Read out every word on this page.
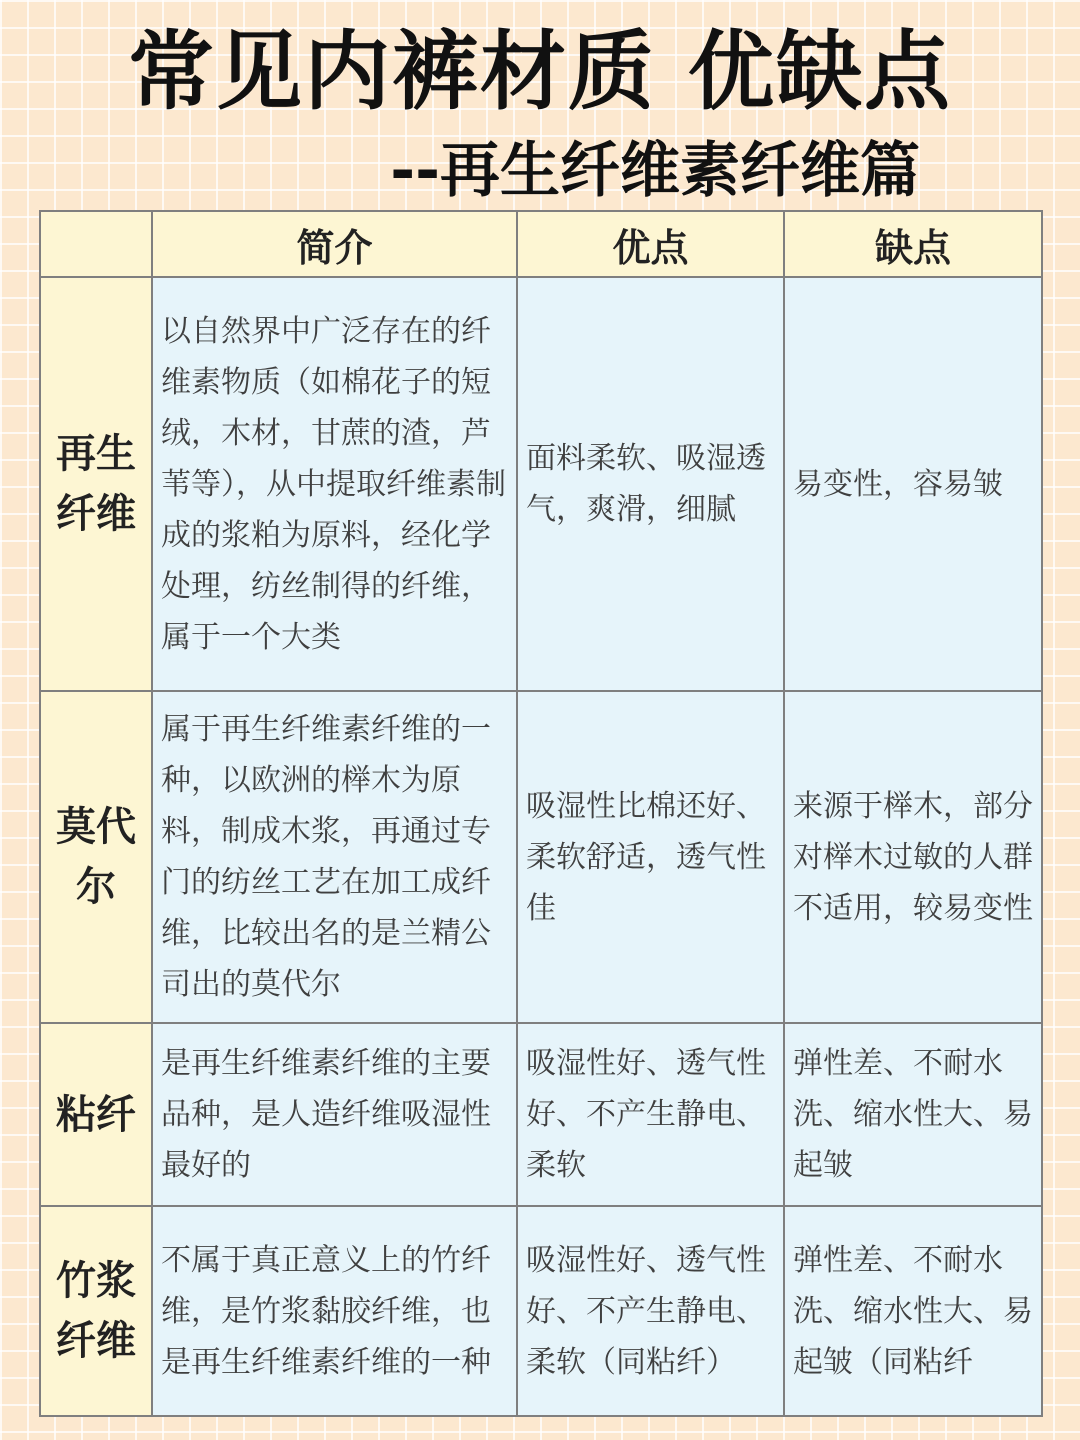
常见内裤材质 优缺点
--再生纤维素纤维篇
	简介	优点	缺点

再生纤维	以自然界中广泛存在的纤维素物质（如棉花子的短绒，木材，甘蔗的渣，芦苇等），从中提取纤维素制成的浆粕为原料，经化学处理，纺丝制得的纤维，属于一个大类	面料柔软、吸湿透气，爽滑，细腻	易变性，容易皱

莫代尔	属于再生纤维素纤维的一种，以欧洲的榉木为原料，制成木浆，再通过专门的纺丝工艺在加工成纤维，比较出名的是兰精公司出的莫代尔	吸湿性比棉还好、柔软舒适，透气性佳	来源于榉木，部分对榉木过敏的人群不适用，较易变性

粘纤	是再生纤维素纤维的主要品种，是人造纤维吸湿性最好的	吸湿性好、透气性好、不产生静电、柔软	弹性差、不耐水洗、缩水性大、易起皱

竹浆纤维	不属于真正意义上的竹纤维，是竹浆黏胶纤维，也是再生纤维素纤维的一种	吸湿性好、透气性好、不产生静电、柔软（同粘纤）	弹性差、不耐水洗、缩水性大、易起皱（同粘纤
